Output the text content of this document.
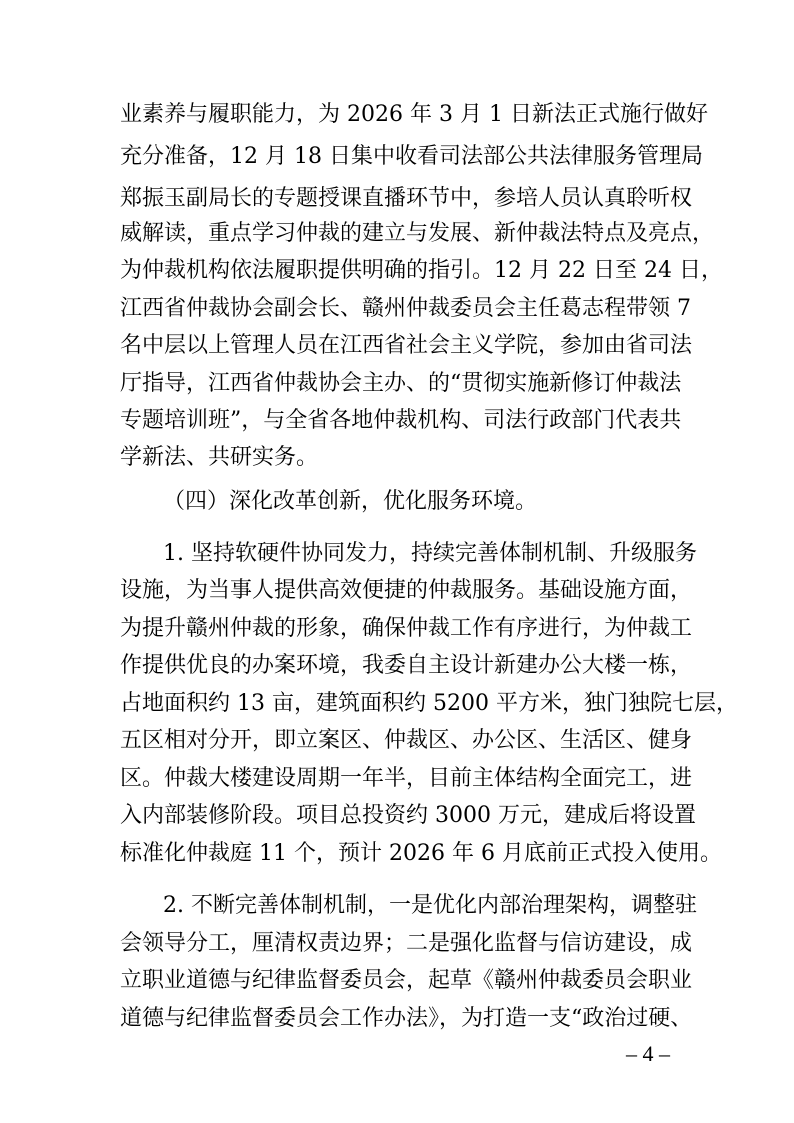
业素养与履职能力，为 2026 年 3 月 1 日新法正式施行做好

充分准备，12 月 18 日集中收看司法部公共法律服务管理局

郑振玉副局长的专题授课直播环节中，参培人员认真聆听权

威解读，重点学习仲裁的建立与发展、新仲裁法特点及亮点，

为仲裁机构依法履职提供明确的指引。12 月 22 日至 24 日，

江西省仲裁协会副会长、赣州仲裁委员会主任葛志程带领 7

名中层以上管理人员在江西省社会主义学院，参加由省司法

厅指导，江西省仲裁协会主办、的“贯彻实施新修订仲裁法

专题培训班”，与全省各地仲裁机构、司法行政部门代表共

学新法、共研实务。

（四）深化改革创新，优化服务环境。

1. 坚持软硬件协同发力，持续完善体制机制、升级服务

设施，为当事人提供高效便捷的仲裁服务。基础设施方面，

为提升赣州仲裁的形象，确保仲裁工作有序进行，为仲裁工

作提供优良的办案环境，我委自主设计新建办公大楼一栋，

占地面积约 13 亩，建筑面积约 5200 平方米，独门独院七层，

五区相对分开，即立案区、仲裁区、办公区、生活区、健身

区。仲裁大楼建设周期一年半，目前主体结构全面完工，进

入内部装修阶段。项目总投资约 3000 万元，建成后将设置

标准化仲裁庭 11 个，预计 2026 年 6 月底前正式投入使用。

2. 不断完善体制机制，一是优化内部治理架构，调整驻

会领导分工，厘清权责边界；二是强化监督与信访建设，成

立职业道德与纪律监督委员会，起草《赣州仲裁委员会职业

道德与纪律监督委员会工作办法》，为打造一支“政治过硬、

– 4 –
